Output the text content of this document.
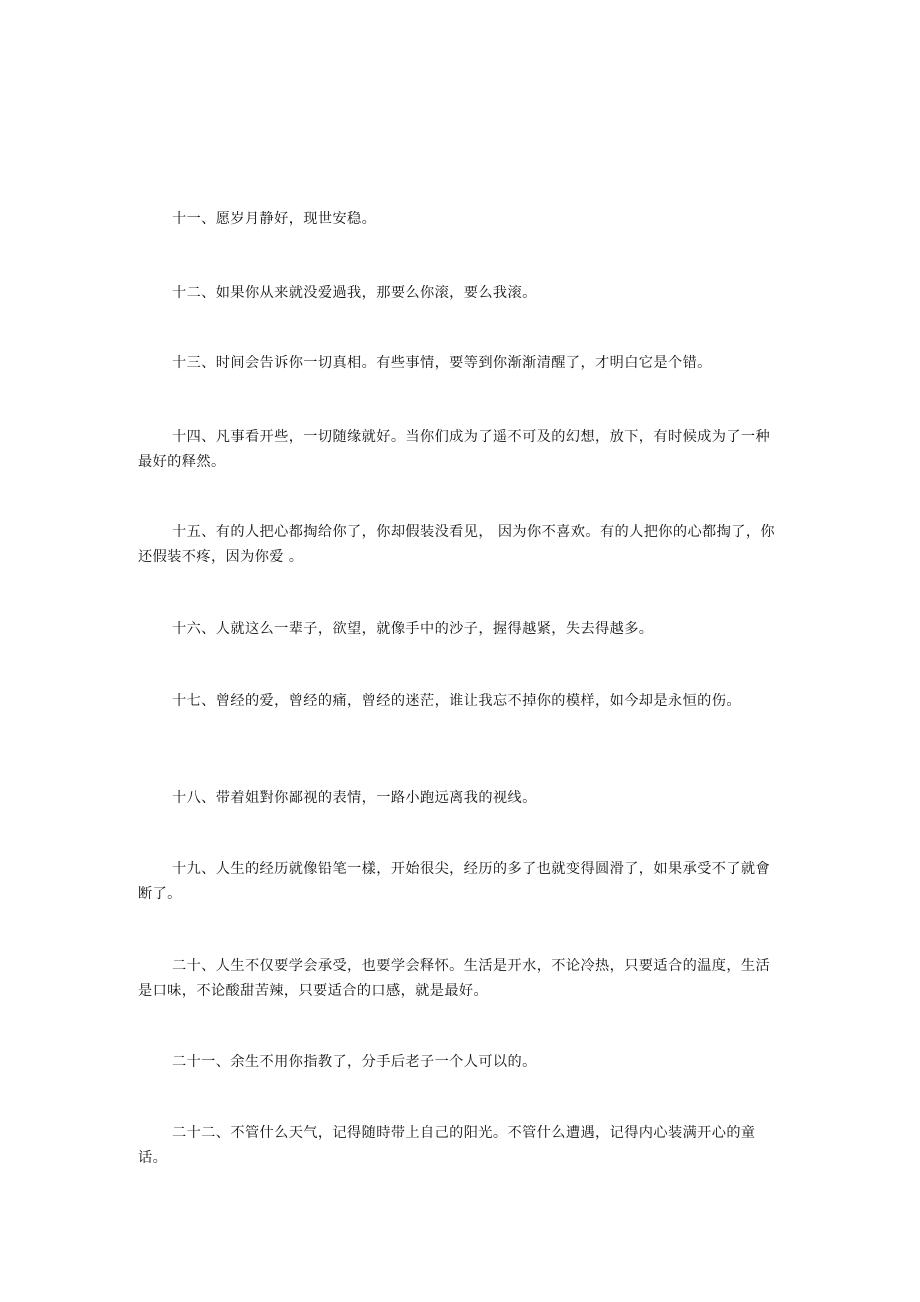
十一、愿岁月静好，现世安稳。

十二、如果你从来就没爱過我，那要么你滚，要么我滚。

十三、时间会告诉你一切真相。有些事情，要等到你渐渐清醒了，才明白它是个错。

十四、凡事看开些，一切随缘就好。当你们成为了遥不可及的幻想，放下，有时候成为了一种最好的释然。

十五、有的人把心都掏给你了，你却假装没看见， 因为你不喜欢。有的人把你的心都掏了，你还假装不疼，因为你爱 。

十六、人就这么一辈子，欲望，就像手中的沙子，握得越紧，失去得越多。

十七、曾经的爱，曾经的痛，曾经的迷茫，谁让我忘不掉你的模样，如今却是永恒的伤。

十八、带着姐對你鄙视的表情，一路小跑远离我的视线。

十九、人生的经历就像铅笔一樣，开始很尖，经历的多了也就变得圆滑了，如果承受不了就會断了。

二十、人生不仅要学会承受，也要学会释怀。生活是开水，不论冷热，只要适合的温度，生活是口味，不论酸甜苦辣，只要适合的口感，就是最好。

二十一、余生不用你指教了，分手后老子一个人可以的。

二十二、不管什么天气，记得随時带上自己的阳光。不管什么遭遇，记得内心装满开心的童话。
